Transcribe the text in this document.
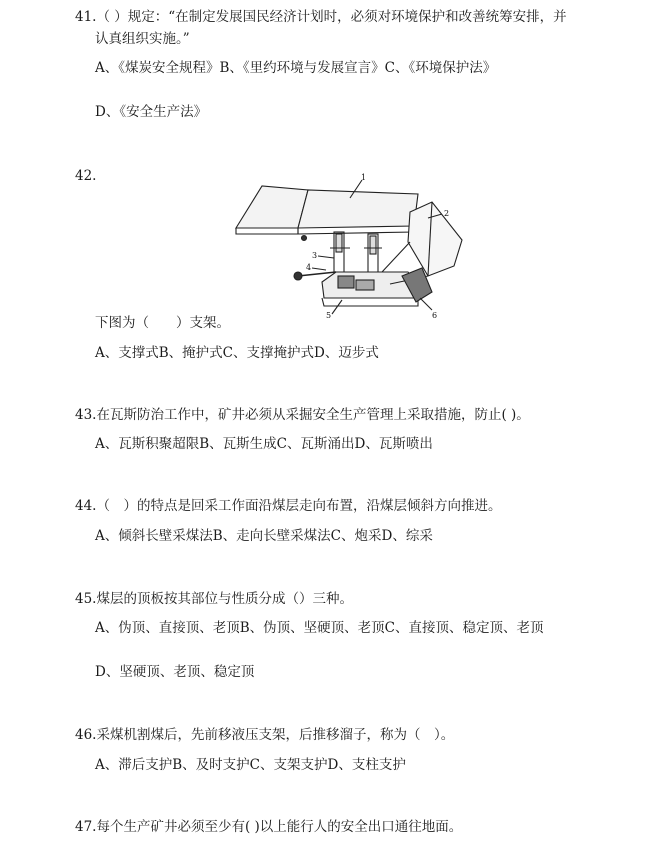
41.（ ）规定：“在制定发展国民经济计划时，必须对环境保护和改善统筹安排，并
认真组织实施。”
A、《煤炭安全规程》B、《里约环境与发展宣言》C、《环境保护法》
D、《安全生产法》
42.	1
2
3
4
5	6
下图为（　　）支架。
A、支撑式B、掩护式C、支撑掩护式D、迈步式
43.在瓦斯防治工作中，矿井必须从采掘安全生产管理上采取措施，防止( )。
A、瓦斯积聚超限B、瓦斯生成C、瓦斯涌出D、瓦斯喷出
44.（　）的特点是回采工作面沿煤层走向布置，沿煤层倾斜方向推进。
A、倾斜长壁采煤法B、走向长壁采煤法C、炮采D、综采
45.煤层的顶板按其部位与性质分成（）三种。
A、伪顶、直接顶、老顶B、伪顶、坚硬顶、老顶C、直接顶、稳定顶、老顶
D、坚硬顶、老顶、稳定顶
46.采煤机割煤后，先前移液压支架，后推移溜子，称为（　）。
A、滞后支护B、及时支护C、支架支护D、支柱支护
47.每个生产矿井必须至少有( )以上能行人的安全出口通往地面。
